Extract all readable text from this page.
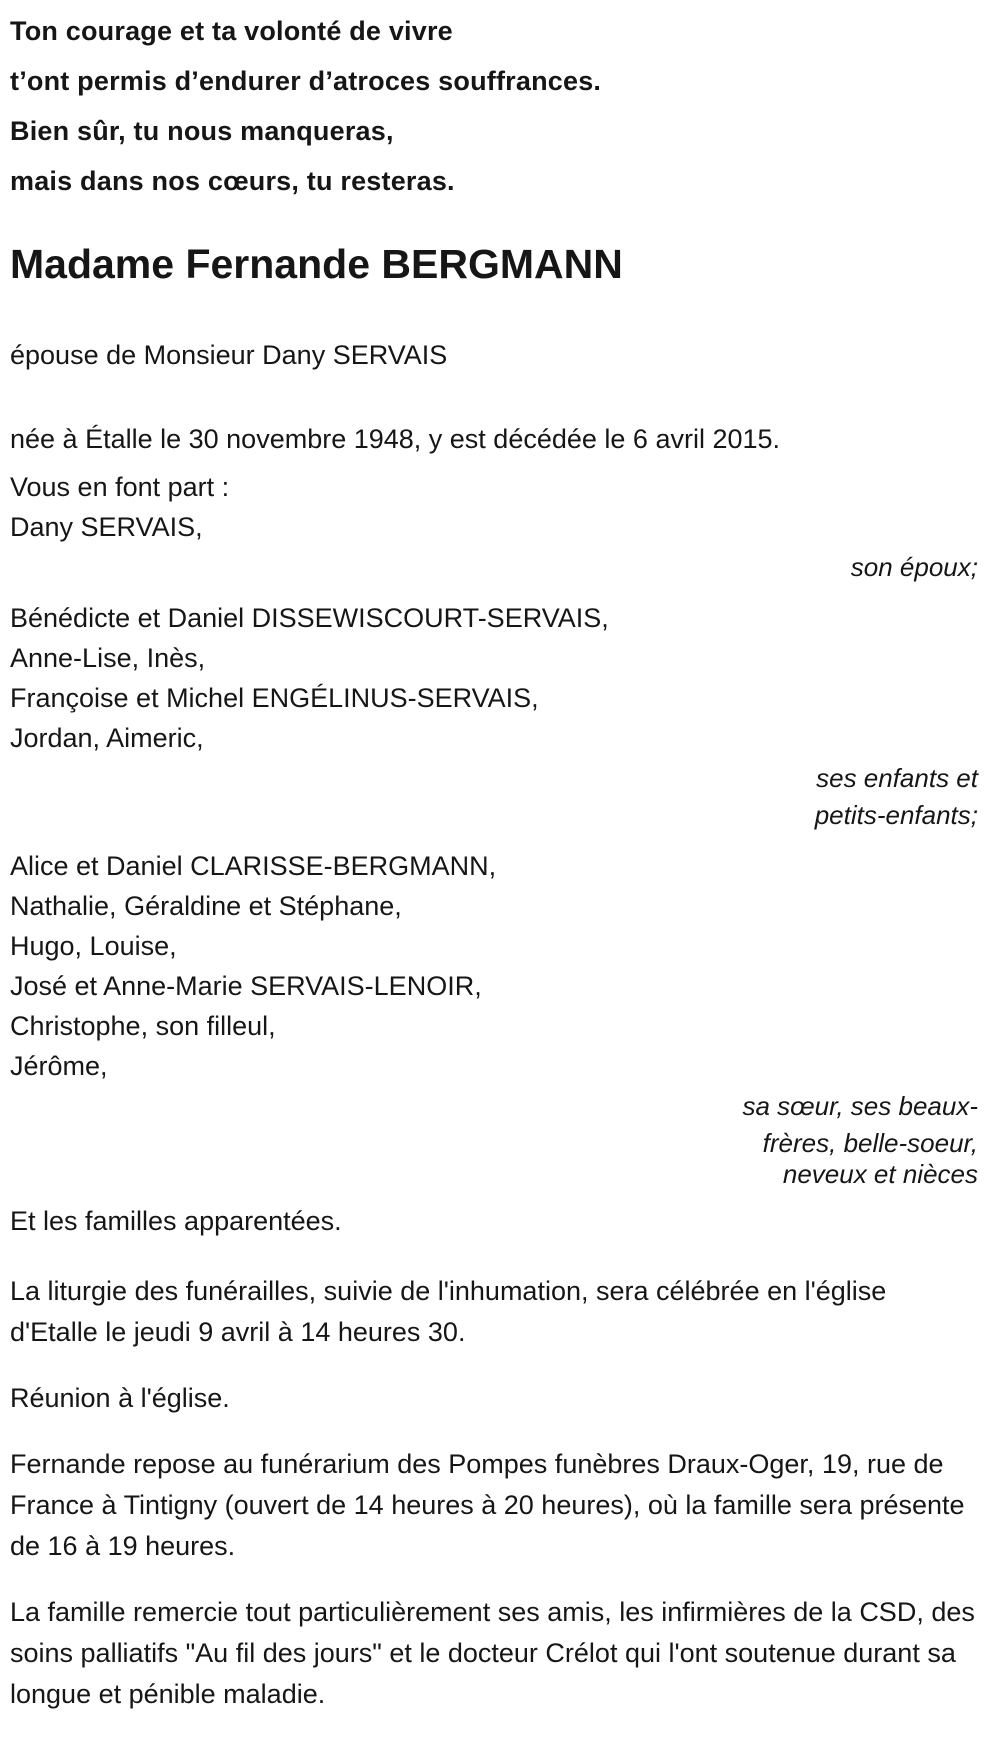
Ton courage et ta volonté de vivre

t’ont permis d’endurer d’atroces souffrances.

Bien sûr, tu nous manqueras,

mais dans nos cœurs, tu resteras.

Madame Fernande BERGMANN

épouse de Monsieur Dany SERVAIS

née à Étalle le 30 novembre 1948, y est décédée le 6 avril 2015.

Vous en font part :

Dany SERVAIS,

son époux;

Bénédicte et Daniel DISSEWISCOURT-SERVAIS,

Anne-Lise, Inès,

Françoise et Michel ENGÉLINUS-SERVAIS,

Jordan, Aimeric,

ses enfants et

petits-enfants;

Alice et Daniel CLARISSE-BERGMANN,

Nathalie, Géraldine et Stéphane,

Hugo, Louise,

José et Anne-Marie SERVAIS-LENOIR,

Christophe, son filleul,

Jérôme,

sa sœur, ses beaux-

frères, belle-soeur,

neveux et nièces

Et les familles apparentées.

La liturgie des funérailles, suivie de l'inhumation, sera célébrée en l'église d'Etalle le jeudi 9 avril à 14 heures 30.

Réunion à l'église.

Fernande repose au funérarium des Pompes funèbres Draux-Oger, 19, rue de France à Tintigny (ouvert de 14 heures à 20 heures), où la famille sera présente de 16 à 19 heures.

La famille remercie tout particulièrement ses amis, les infirmières de la CSD, des soins palliatifs "Au fil des jours" et le docteur Crélot qui l'ont soutenue durant sa longue et pénible maladie.
